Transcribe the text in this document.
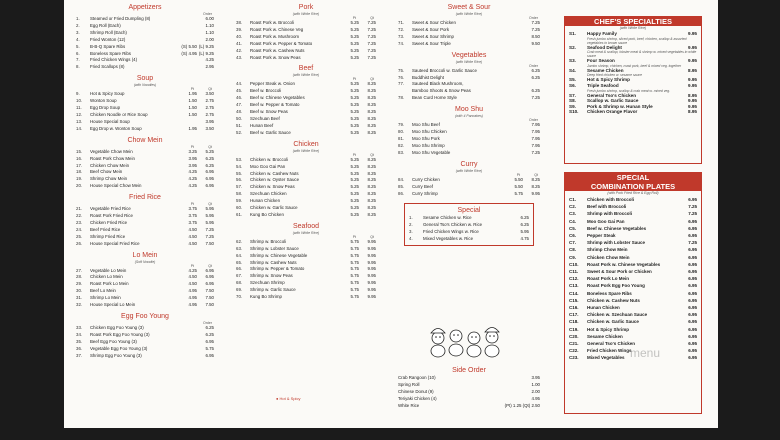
Appetizers
Order
1.	Steamed or Fried Dumpling (8)	6.00
2.	Egg Roll (Each)	1.10
3.	Shrimp Roll (Each)	1.10
4.	Fried Wonton (12)	2.00
5.	B-B-Q Spare Ribs	(S) 5.50 (L) 9.25
6.	Boneless Spare Ribs	(S) 4.95 (L) 9.25
7.	Fried Chicken Wings (4)	4.25
8.	Fried Scallops (8)	2.95
Soup
(with Noodles)
Pt	Qt
9.	Hot & Spicy Soup	1.95	3.50
10.	Wonton Soup	1.50	2.75
11.	Egg Drop Soup	1.50	2.75
12.	Chicken Noodle or Rice Soup	1.50	2.75
13.	House Special Soup	3.95
14.	Egg Drop w. Wonton Soup	1.95	3.50
Chow Mein
Pt	Qt
15.	Vegetable Chow Mein	3.25	5.25
16.	Roast Pork Chow Mein	3.95	6.25
17.	Chicken Chow Mein	3.95	6.25
18.	Beef Chow Mein	4.25	6.95
19.	Shrimp Chow Mein	4.25	6.95
20.	House Special Chow Mein	4.25	6.95
Fried Rice
Pt	Qt
21.	Vegetable Fried Rice	3.75	5.95
22.	Roast Pork Fried Rice	3.75	5.95
23.	Chicken Fried Rice	3.75	5.95
24.	Beef Fried Rice	4.50	7.25
25.	Shrimp Fried Rice	4.50	7.25
26.	House Special Fried Rice	4.50	7.50
Lo Mein
(Soft Noodle)
Pt	Qt
27.	Vegetable Lo Mein	4.25	6.95
28.	Chicken Lo Mein	4.50	6.95
29.	Roast Pork Lo Mein	4.50	6.95
30.	Beef Lo Mein	4.95	7.50
31.	Shrimp Lo Mein	4.95	7.50
32.	House Special Lo Mein	4.95	7.50
Egg Foo Young
Order
33.	Chicken Egg Foo Young (3)	6.25
34.	Roast Pork Egg Foo Young (3)	6.25
35.	Beef Egg Foo Young (3)	6.95
36.	Vegetable Egg Foo Young (3)	5.75
37.	Shrimp Egg Foo Young (3)	6.95
Pork
(with White Rice)
Pt	Qt
38.	Roast Pork w. Broccoli	5.25	7.25
39.	Roast Pork w. Chinese Veg	5.25	7.25
40.	Roast Pork w. Mushroom	5.25	7.25
41.	Roast Pork w. Pepper & Tomato	5.25	7.25
42.	Roast Pork w. Cashew Nuts	5.25	7.25
43.	Roast Pork w. Snow Peas	5.25	7.25
Beef
(with White Rice)
Pt	Qt
44.	Pepper Steak w. Onion	5.25	8.25
45.	Beef w. Broccoli	5.25	8.25
46.	Beef w. Chinese Vegetables	5.25	8.25
47.	Beef w. Pepper & Tomato	5.25	8.25
48.	Beef w. Snow Peas	5.25	8.25
50.	Szechuan Beef	5.25	8.25
51.	Hunan Beef	5.25	8.25
52.	Beef w. Garlic Sauce	5.25	8.25
Chicken
(with White Rice)
Pt	Qt
53.	Chicken w. Broccoli	5.25	8.25
54.	Moo Goo Gai Pan	5.25	8.25
55.	Chicken w. Cashew Nuts	5.25	8.25
56.	Chicken w. Oyster Sauce	5.25	8.25
57.	Chicken w. Snow Peas	5.25	8.25
58.	Szechuan Chicken	5.25	8.25
59.	Hunan Chicken	5.25	8.25
60.	Chicken w. Garlic Sauce	5.25	8.25
61.	Kung Bo Chicken	5.25	8.25
Seafood
(with White Rice)
Pt	Qt
62.	Shrimp w. Broccoli	5.75	9.95
63.	Shrimp w. Lobster Sauce	5.75	9.95
64.	Shrimp w. Chinese Vegetable	5.75	9.95
65.	Shrimp w. Cashew Nuts	5.75	9.95
66.	Shrimp w. Pepper & Tomato	5.75	9.95
67.	Shrimp w. Snow Peas	5.75	9.95
68.	Szechuan Shrimp	5.75	9.95
69.	Shrimp w. Garlic Sauce	5.75	9.95
70.	Kung Bo Shrimp	5.75	9.95
Sweet & Sour
(with White Rice)
Order
71.	Sweet & Sour Chicken	7.25
72.	Sweet & Sour Pork	7.25
73.	Sweet & Sour Shrimp	8.50
74.	Sweet & Sour Triple	9.50
Vegetables
(with White Rice)
Order
75.	Sauteed Broccoli w. Garlic Sauce	6.25
76.	Buddhist Delight	6.25
77.	Sauteed Black Mushroom,
Bamboo Shoots & Snow Peas	6.25
78.	Bean Curd Home Style	7.25
Moo Shu
(with 4 Pancakes)
Order
79.	Moo Shu Beef	7.95
80.	Moo Shu Chicken	7.95
81.	Moo Shu Pork	7.95
82.	Moo Shu Shrimp	7.95
83.	Moo Shu Vegetable	7.25
Curry
(with White Rice)
Pt	Qt
84.	Curry Chicken	5.50	8.25
85.	Curry Beef	5.50	8.25
86.	Curry Shrimp	5.75	9.95
Special
1.	Sesame Chicken w. Rice	6.25
2.	General Tso's Chicken w. Rice	6.25
3.	Fried Chicken Wings w. Rice	5.95
4.	Mixed Vegetables w. Rice	4.75
Side Order
Crab Rangoon (10)	3.95
Spring Roll	1.00
Chinese Donut (9)	2.00
Teriyaki Chicken (4)	4.95
White Rice	(Pt) 1.25 (Qt) 2.50
CHEF'S SPECIALTIES
(with White Rice)
S1.	Happy Family	9.95
Fresh jumbo shrimp, sliced pork, beef, chicken, scallop & assorted vegetables in brown sauce
S2.	Seafood Delight	9.95
Crab meat & scallop, lobster meat & shrimp w. mixed vegetables in white sauce
S3.	Four Season	9.95
Jumbo shrimp, chicken, roast pork, beef & mixed veg. together
S4.	Sesame Chicken	8.95
Deep fried chicken w. sesame sauce
S5.	Hot & Spicy Shrimp	9.95
S6.	Triple Seafood	9.95
Fresh jumbo shrimp, scallop & crab meat w. mixed veg.
S7.	General Tso's Chicken	8.95
S8.	Scallop w. Garlic Sauce	9.95
S9.	Pork & Shrimp w. Hunan Style	9.95
S10.	Chicken Orange Flavor	8.95
SPECIAL
COMBINATION PLATES
(with Pork Fried Rice & Egg Roll)
C1.	Chicken with Broccoli	6.95
C2.	Beef with Broccoli	7.25
C3.	Shrimp with Broccoli	7.25
C4.	Moo Goo Gai Pan	6.95
C5.	Beef w. Chinese Vegetables	6.95
C6.	Pepper Steak	6.95
C7.	Shrimp with Lobster Sauce	7.25
C8.	Shrimp Chow Mein	6.95
C9.	Chicken Chow Mein	6.95
C10.	Roast Pork w. Chinese Vegetables	6.95
C11.	Sweet & Sour Pork or Chicken	6.95
C12.	Roast Pork Lo Mein	6.95
C13.	Roast Pork Egg Foo Young	6.95
C14.	Boneless Spare Ribs	6.95
C15.	Chicken w. Cashew Nuts	6.95
C16.	Hunan Chicken	6.95
C17.	Chicken w. Szechuan Sauce	6.95
C18.	Chicken w. Garlic Sauce	6.95
C19.	Hot & Spicy Shrimp	6.95
C20.	Sesame Chicken	6.95
C21.	General Tso's Chicken	6.95
C22.	Fried Chicken Wings	6.95
C23.	Mixed Vegetables	6.95
● Hot & Spicy
menu
